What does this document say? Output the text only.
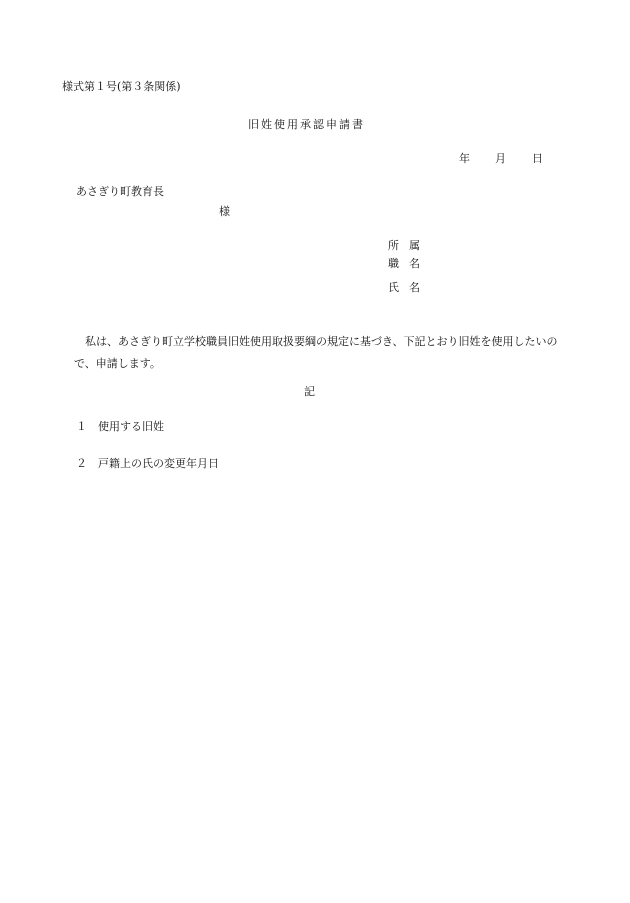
様式第１号(第３条関係)
旧姓使用承認申請書
年	月	日
あさぎり町教育長
様
所 属
職 名
氏 名
私は、あさぎり町立学校職員旧姓使用取扱要綱の規定に基づき、下記とおり旧姓を使用したいので、申請します。
記
１ 使用する旧姓
２ 戸籍上の氏の変更年月日
